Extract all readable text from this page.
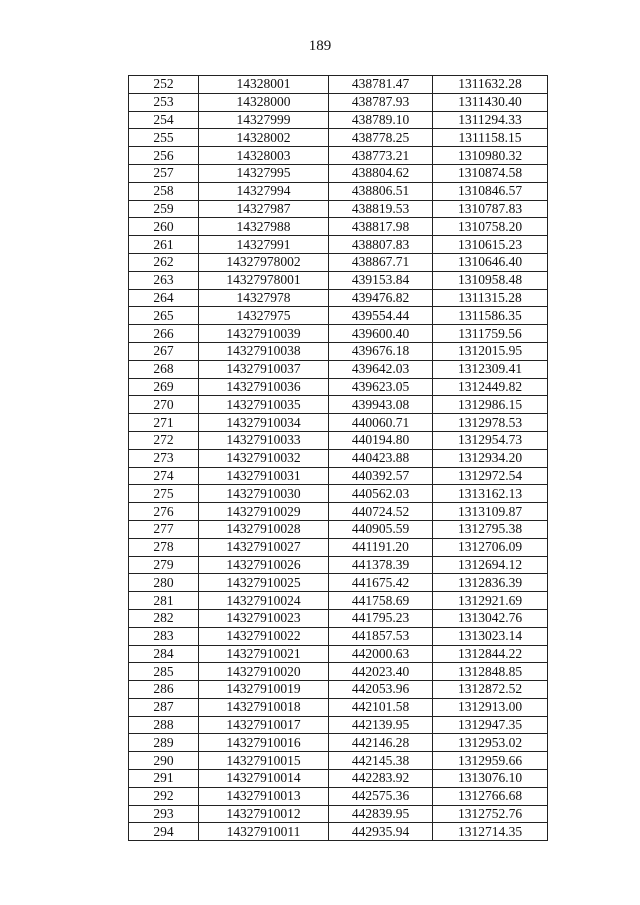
189
252	14328001	438781.47	1311632.28
253	14328000	438787.93	1311430.40
254	14327999	438789.10	1311294.33
255	14328002	438778.25	1311158.15
256	14328003	438773.21	1310980.32
257	14327995	438804.62	1310874.58
258	14327994	438806.51	1310846.57
259	14327987	438819.53	1310787.83
260	14327988	438817.98	1310758.20
261	14327991	438807.83	1310615.23
262	14327978002	438867.71	1310646.40
263	14327978001	439153.84	1310958.48
264	14327978	439476.82	1311315.28
265	14327975	439554.44	1311586.35
266	14327910039	439600.40	1311759.56
267	14327910038	439676.18	1312015.95
268	14327910037	439642.03	1312309.41
269	14327910036	439623.05	1312449.82
270	14327910035	439943.08	1312986.15
271	14327910034	440060.71	1312978.53
272	14327910033	440194.80	1312954.73
273	14327910032	440423.88	1312934.20
274	14327910031	440392.57	1312972.54
275	14327910030	440562.03	1313162.13
276	14327910029	440724.52	1313109.87
277	14327910028	440905.59	1312795.38
278	14327910027	441191.20	1312706.09
279	14327910026	441378.39	1312694.12
280	14327910025	441675.42	1312836.39
281	14327910024	441758.69	1312921.69
282	14327910023	441795.23	1313042.76
283	14327910022	441857.53	1313023.14
284	14327910021	442000.63	1312844.22
285	14327910020	442023.40	1312848.85
286	14327910019	442053.96	1312872.52
287	14327910018	442101.58	1312913.00
288	14327910017	442139.95	1312947.35
289	14327910016	442146.28	1312953.02
290	14327910015	442145.38	1312959.66
291	14327910014	442283.92	1313076.10
292	14327910013	442575.36	1312766.68
293	14327910012	442839.95	1312752.76
294	14327910011	442935.94	1312714.35
